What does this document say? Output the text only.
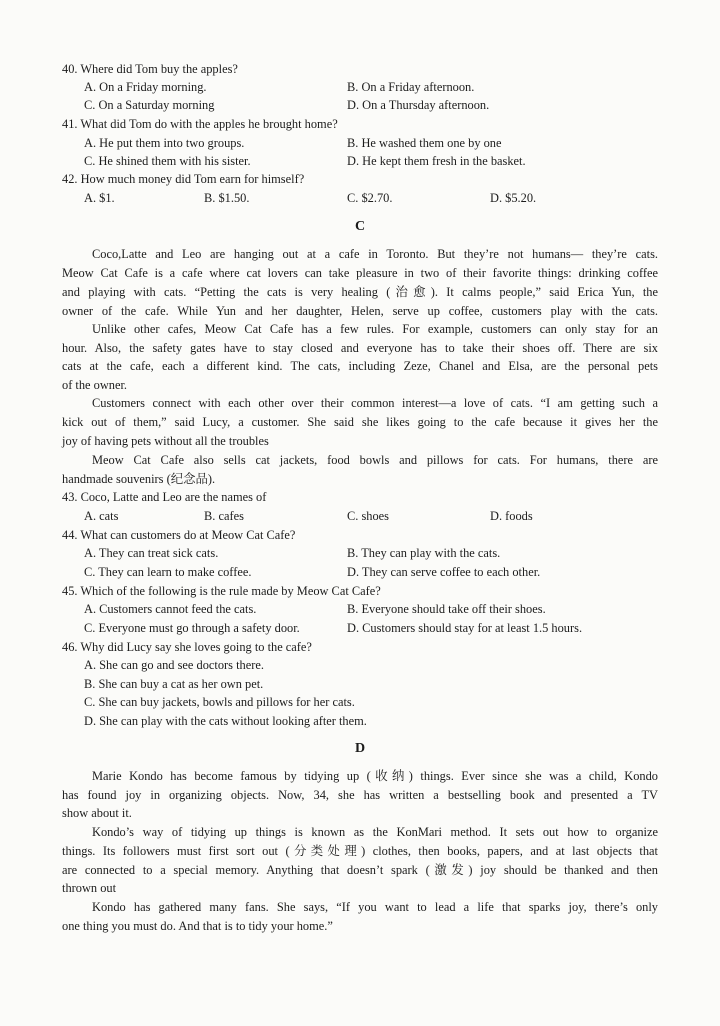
40. Where did Tom buy the apples?
A. On a Friday morning.	B. On a Friday afternoon.
C. On a Saturday morning	D. On a Thursday afternoon.
41. What did Tom do with the apples he brought home?
A. He put them into two groups.	B. He washed them one by one
C. He shined them with his sister.	D. He kept them fresh in the basket.
42. How much money did Tom earn for himself?
A. $1.	B. $1.50.	C. $2.70.	D. $5.20.
C
Coco,Latte and Leo are hanging out at a cafe in Toronto. But they’re not humans— they’re cats.
Meow Cat Cafe is a cafe where cat lovers can take pleasure in two of their favorite things: drinking coffee
and playing with cats. “Petting the cats is very healing (治愈). It calms people,” said Erica Yun, the
owner of the cafe. While Yun and her daughter, Helen, serve up coffee, customers play with the cats.
Unlike other cafes, Meow Cat Cafe has a few rules. For example, customers can only stay for an
hour. Also, the safety gates have to stay closed and everyone has to take their shoes off. There are six
cats at the cafe, each a different kind. The cats, including Zeze, Chanel and Elsa, are the personal pets
of the owner.
Customers connect with each other over their common interest—a love of cats. “I am getting such a
kick out of them,” said Lucy, a customer. She said she likes going to the cafe because it gives her the
joy of having pets without all the troubles
Meow Cat Cafe also sells cat jackets, food bowls and pillows for cats. For humans, there are
handmade souvenirs (纪念品).
43. Coco, Latte and Leo are the names of
A. cats	B. cafes	C. shoes	D. foods
44. What can customers do at Meow Cat Cafe?
A. They can treat sick cats.	B. They can play with the cats.
C. They can learn to make coffee.	D. They can serve coffee to each other.
45. Which of the following is the rule made by Meow Cat Cafe?
A. Customers cannot feed the cats.	B. Everyone should take off their shoes.
C. Everyone must go through a safety door.	D. Customers should stay for at least 1.5 hours.
46. Why did Lucy say she loves going to the cafe?
A. She can go and see doctors there.
B. She can buy a cat as her own pet.
C. She can buy jackets, bowls and pillows for her cats.
D. She can play with the cats without looking after them.
D
Marie Kondo has become famous by tidying up (收纳) things. Ever since she was a child, Kondo
has found joy in organizing objects. Now, 34, she has written a bestselling book and presented a TV
show about it.
Kondo’s way of tidying up things is known as the KonMari method. It sets out how to organize
things. Its followers must first sort out (分类处理) clothes, then books, papers, and at last objects that
are connected to a special memory. Anything that doesn’t spark (激发) joy should be thanked and then
thrown out
Kondo has gathered many fans. She says, “If you want to lead a life that sparks joy, there’s only
one thing you must do. And that is to tidy your home.”
